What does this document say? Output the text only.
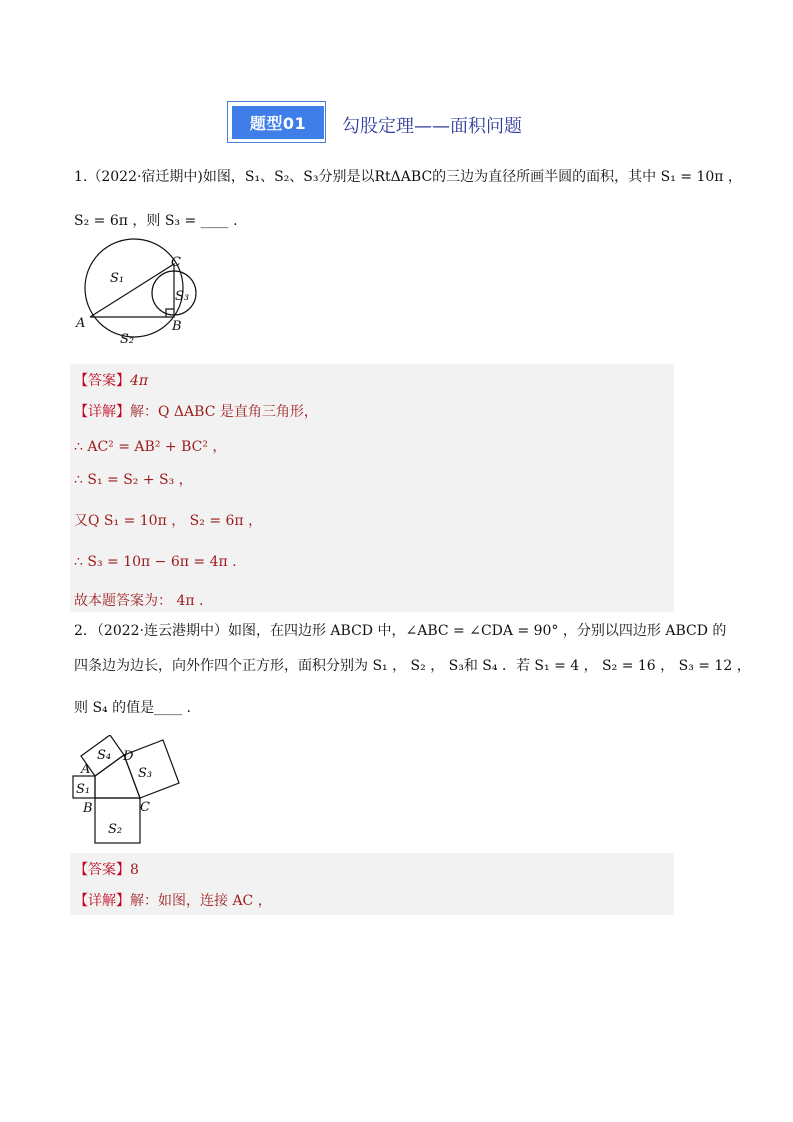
题型01	勾股定理——面积问题
1.（2022·宿迁期中)如图，S₁、S₂、S₃分别是以RtΔABC的三边为直径所画半圆的面积，其中 S₁ = 10π ，
S₂ = 6π ，则 S₃ = ____ .
S₁
S₃
S₂
A	B
C
【答案】4π
【详解】解：Q ΔABC 是直角三角形，
∴ AC² = AB² + BC² ，
∴ S₁ = S₂ + S₃ ，
又Q S₁ = 10π ， S₂ = 6π ，
∴ S₃ = 10π − 6π = 4π .
故本题答案为： 4π .
2．（2022·连云港期中）如图，在四边形 ABCD 中，∠ABC = ∠CDA = 90° ，分别以四边形 ABCD 的
四条边为边长，向外作四个正方形，面积分别为 S₁ ， S₂ ， S₃和 S₄ ．若 S₁ = 4 ， S₂ = 16 ， S₃ = 12 ，
则 S₄ 的值是____ .
S₄
S₃
S₁
S₂
A
B	C
D
【答案】8
【详解】解：如图，连接 AC ，
